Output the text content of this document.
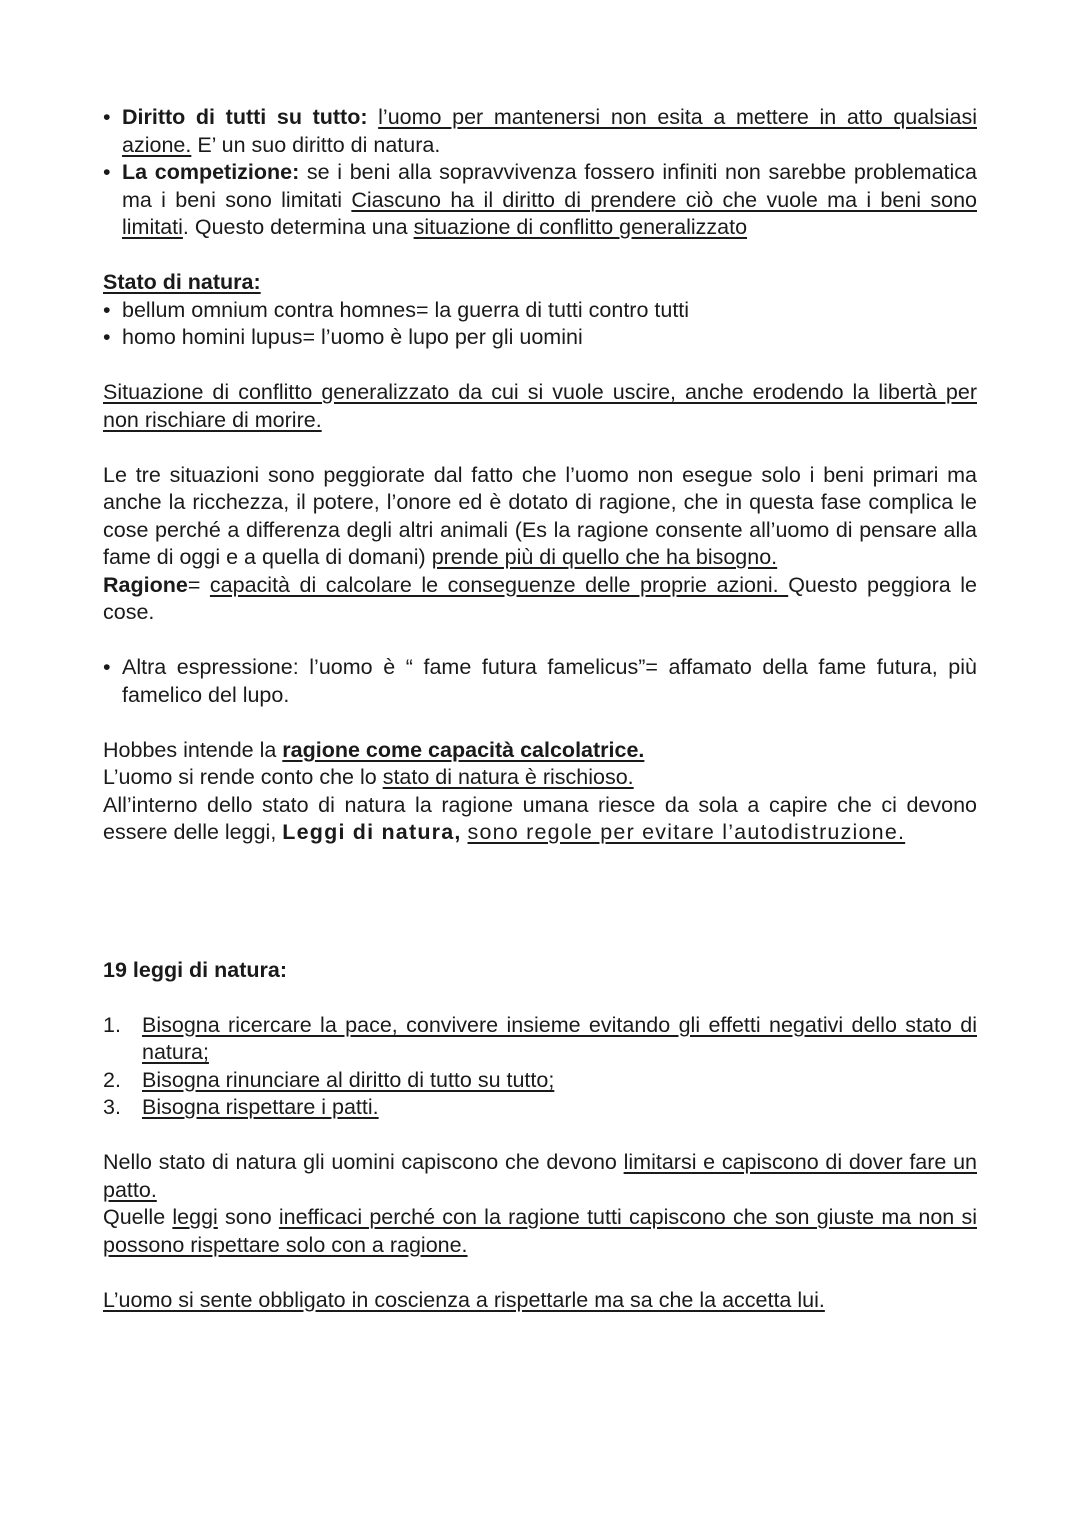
• Diritto di tutti su tutto: l’uomo per mantenersi non esita a mettere in atto qualsiasi azione. E’ un suo diritto di natura.
• La competizione: se i beni alla sopravvivenza fossero infiniti non sarebbe problematica ma i beni sono limitati Ciascuno ha il diritto di prendere ciò che vuole ma i beni sono limitati. Questo determina una situazione di conflitto generalizzato

Stato di natura:

• bellum omnium contra homnes= la guerra di tutti contro tutti
• homo homini lupus= l’uomo è lupo per gli uomini

Situazione di conflitto generalizzato da cui si vuole uscire, anche erodendo la libertà per non rischiare di morire.

Le tre situazioni sono peggiorate dal fatto che l’uomo non esegue solo i beni primari ma anche la ricchezza, il potere, l’onore ed è dotato di ragione, che in questa fase complica le cose perché a differenza degli altri animali (Es la ragione consente all’uomo di pensare alla fame di oggi e a quella di domani) prende più di quello che ha bisogno.

Ragione= capacità di calcolare le conseguenze delle proprie azioni. Questo peggiora le cose.

• Altra espressione: l’uomo è “ fame futura famelicus”= affamato della fame futura, più famelico del lupo.

Hobbes intende la ragione come capacità calcolatrice.

L’uomo si rende conto che lo stato di natura è rischioso.

All’interno dello stato di natura la ragione umana riesce da sola a capire che ci devono essere delle leggi, Leggi di natura, sono regole per evitare l’autodistruzione.

19 leggi di natura:

1. Bisogna ricercare la pace, convivere insieme evitando gli effetti negativi dello stato di natura;
2. Bisogna rinunciare al diritto di tutto su tutto;
3. Bisogna rispettare i patti.

Nello stato di natura gli uomini capiscono che devono limitarsi e capiscono di dover fare un patto.

Quelle leggi sono inefficaci perché con la ragione tutti capiscono che son giuste ma non si possono rispettare solo con a ragione.

L’uomo si sente obbligato in coscienza a rispettarle ma sa che la accetta lui.
